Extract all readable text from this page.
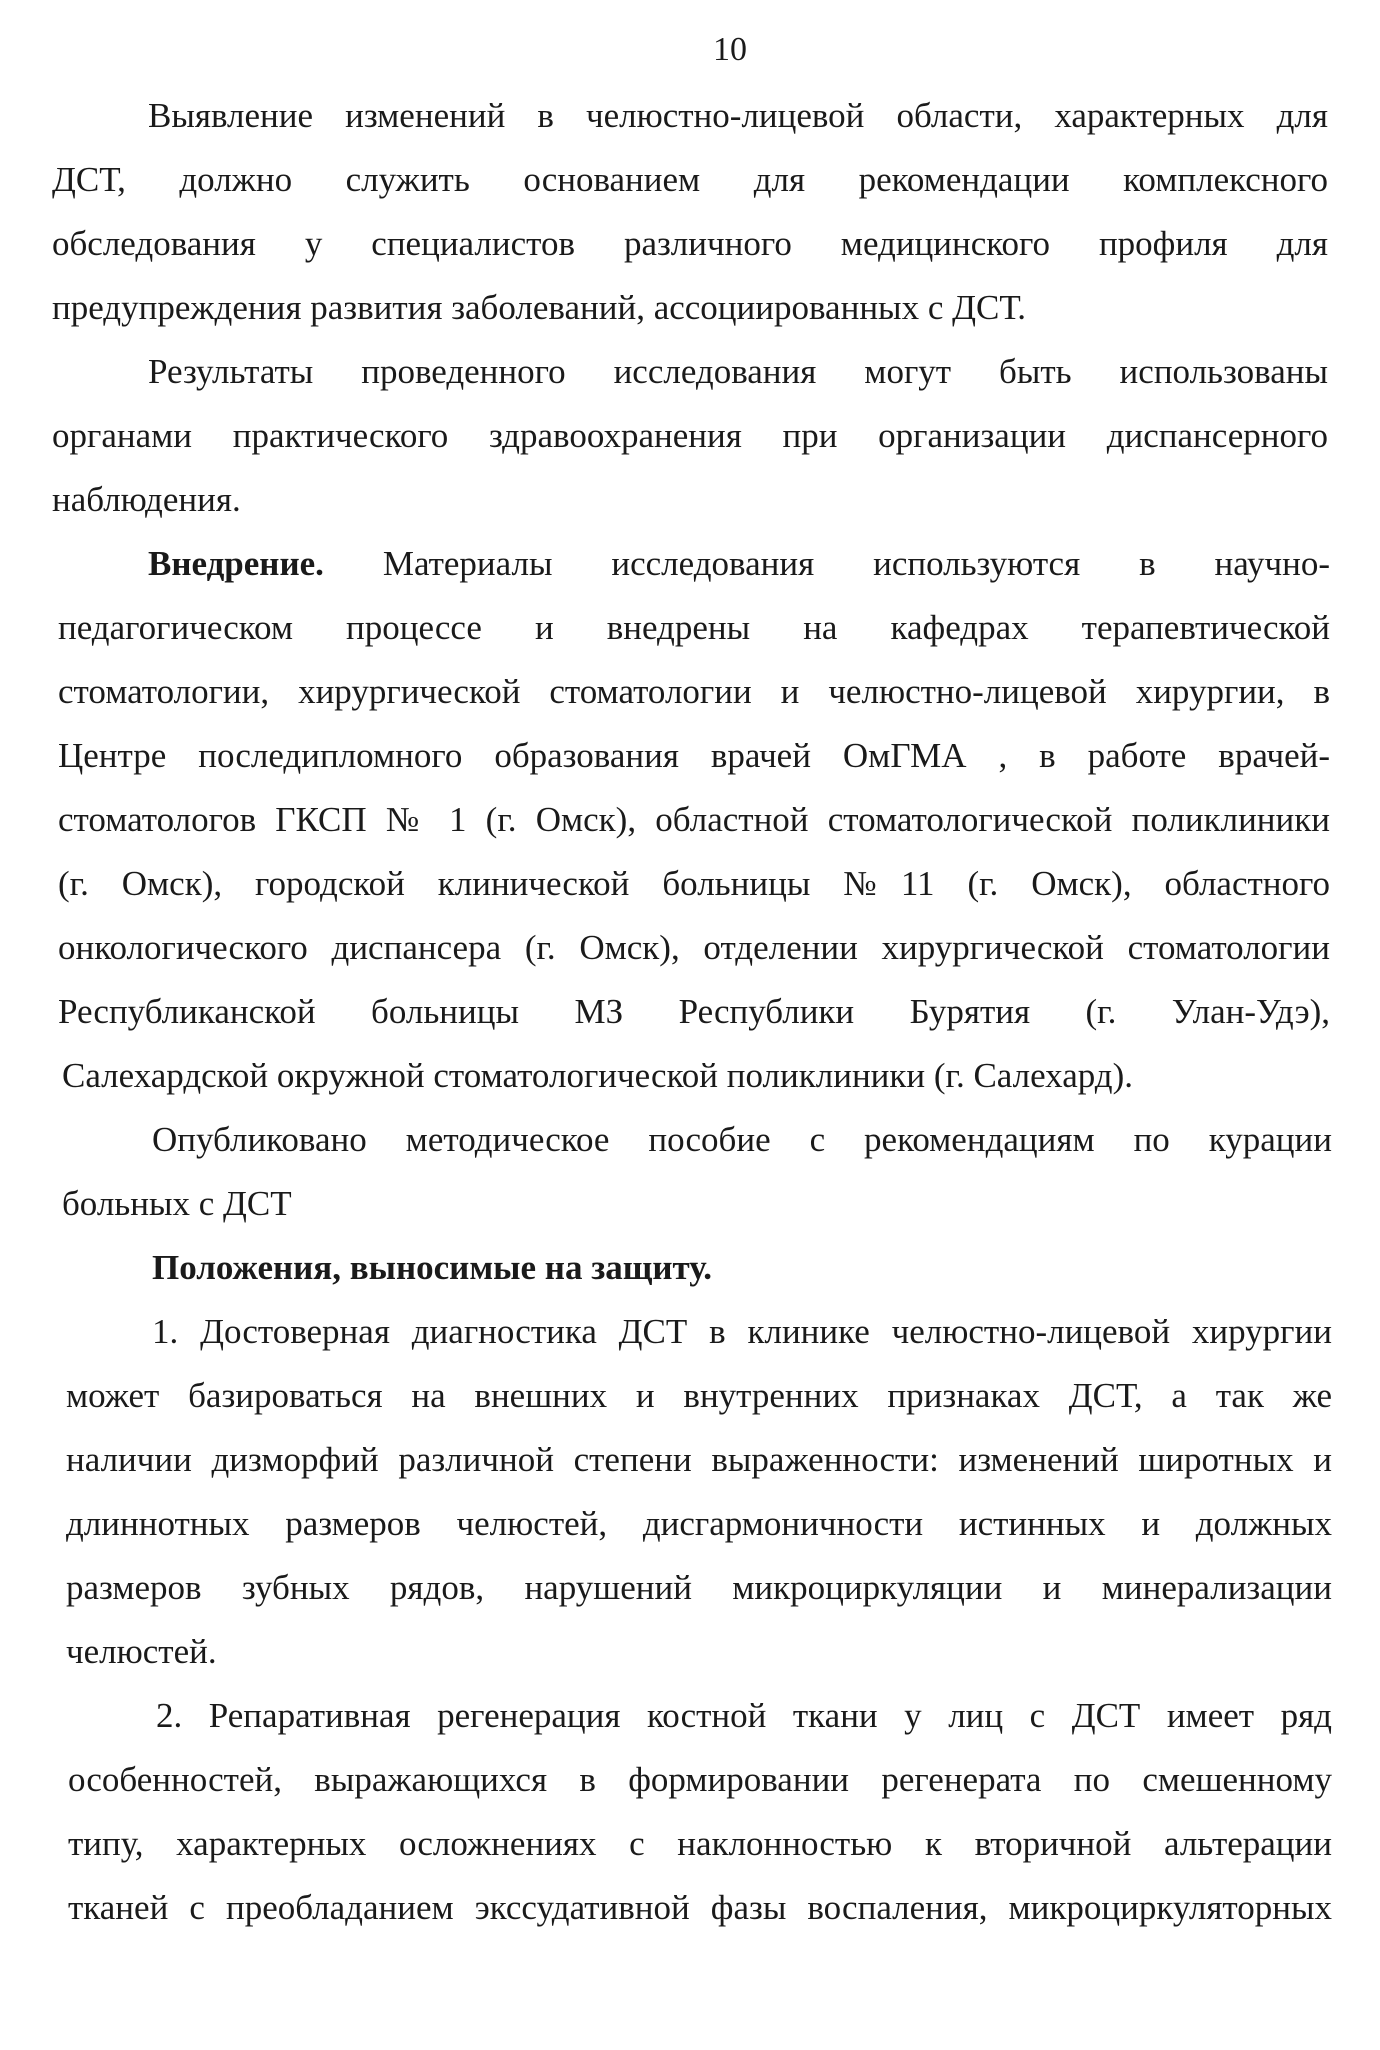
10
Выявление изменений в челюстно-лицевой области, характерных для
ДСТ, должно служить основанием для рекомендации комплексного
обследования у специалистов различного медицинского профиля для
предупреждения развития заболеваний, ассоциированных с ДСТ.
Результаты проведенного исследования могут быть использованы
органами практического здравоохранения при организации диспансерного
наблюдения.
Внедрение. Материалы исследования используются в научно-
педагогическом процессе и внедрены на кафедрах терапевтической
стоматологии, хирургической стоматологии и челюстно-лицевой хирургии, в
Центре последипломного образования врачей ОмГМА , в работе врачей-
стоматологов ГКСП № 1 (г. Омск), областной стоматологической поликлиники
(г. Омск), городской клинической больницы №11 (г. Омск), областного
онкологического диспансера (г. Омск), отделении хирургической стоматологии
Республиканской больницы МЗ Республики Бурятия (г. Улан-Удэ),
Салехардской окружной стоматологической поликлиники (г. Салехард).
Опубликовано методическое пособие с рекомендациям по курации
больных с ДСТ
Положения, выносимые на защиту.
1. Достоверная диагностика ДСТ в клинике челюстно-лицевой хирургии
может базироваться на внешних и внутренних признаках ДСТ, а так же
наличии дизморфий различной степени выраженности: изменений широтных и
длиннотных размеров челюстей, дисгармоничности истинных и должных
размеров зубных рядов, нарушений микроциркуляции и минерализации
челюстей.
2. Репаративная регенерация костной ткани у лиц с ДСТ имеет ряд
особенностей, выражающихся в формировании регенерата по смешенному
типу, характерных осложнениях с наклонностью к вторичной альтерации
тканей с преобладанием экссудативной фазы воспаления, микроциркуляторных
